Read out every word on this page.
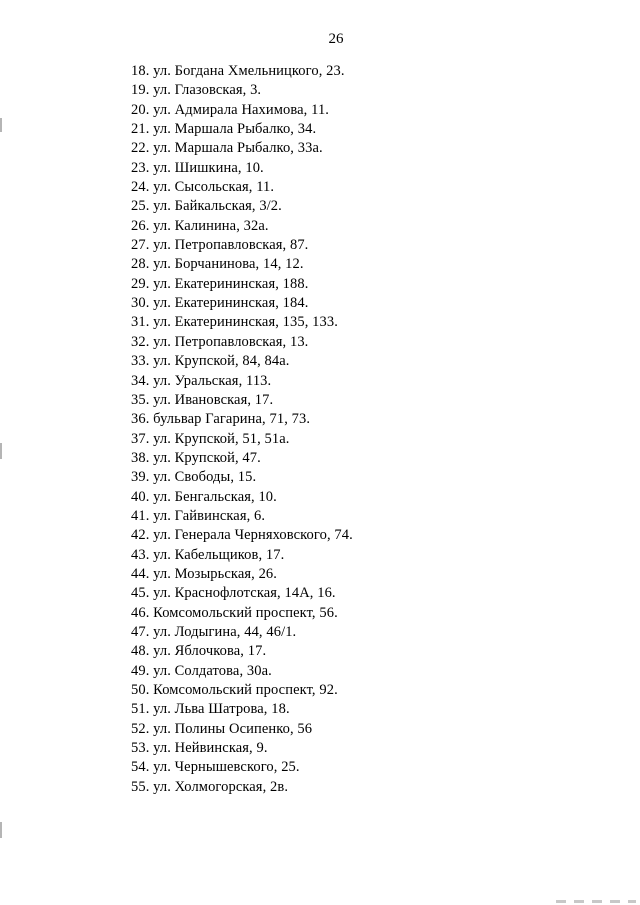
26
18. ул. Богдана Хмельницкого, 23.
19. ул. Глазовская, 3.
20. ул. Адмирала Нахимова, 11.
21. ул. Маршала Рыбалко, 34.
22. ул. Маршала Рыбалко, 33а.
23. ул. Шишкина, 10.
24. ул. Сысольская, 11.
25. ул. Байкальская, 3/2.
26. ул. Калинина, 32а.
27. ул. Петропавловская, 87.
28. ул. Борчанинова, 14, 12.
29. ул. Екатерининская, 188.
30. ул. Екатерининская, 184.
31. ул. Екатерининская, 135, 133.
32. ул. Петропавловская, 13.
33. ул. Крупской, 84, 84а.
34. ул. Уральская, 113.
35. ул. Ивановская, 17.
36. бульвар Гагарина, 71, 73.
37. ул. Крупской, 51, 51а.
38. ул. Крупской, 47.
39. ул. Свободы, 15.
40. ул. Бенгальская, 10.
41. ул. Гайвинская, 6.
42. ул. Генерала Черняховского, 74.
43. ул. Кабельщиков, 17.
44. ул. Мозырьская, 26.
45. ул. Краснофлотская, 14А, 16.
46. Комсомольский проспект, 56.
47. ул. Лодыгина, 44, 46/1.
48. ул. Яблочкова, 17.
49. ул. Солдатова, 30а.
50. Комсомольский проспект, 92.
51. ул. Льва Шатрова, 18.
52. ул. Полины Осипенко, 56
53. ул. Нейвинская, 9.
54. ул. Чернышевского, 25.
55. ул. Холмогорская, 2в.
